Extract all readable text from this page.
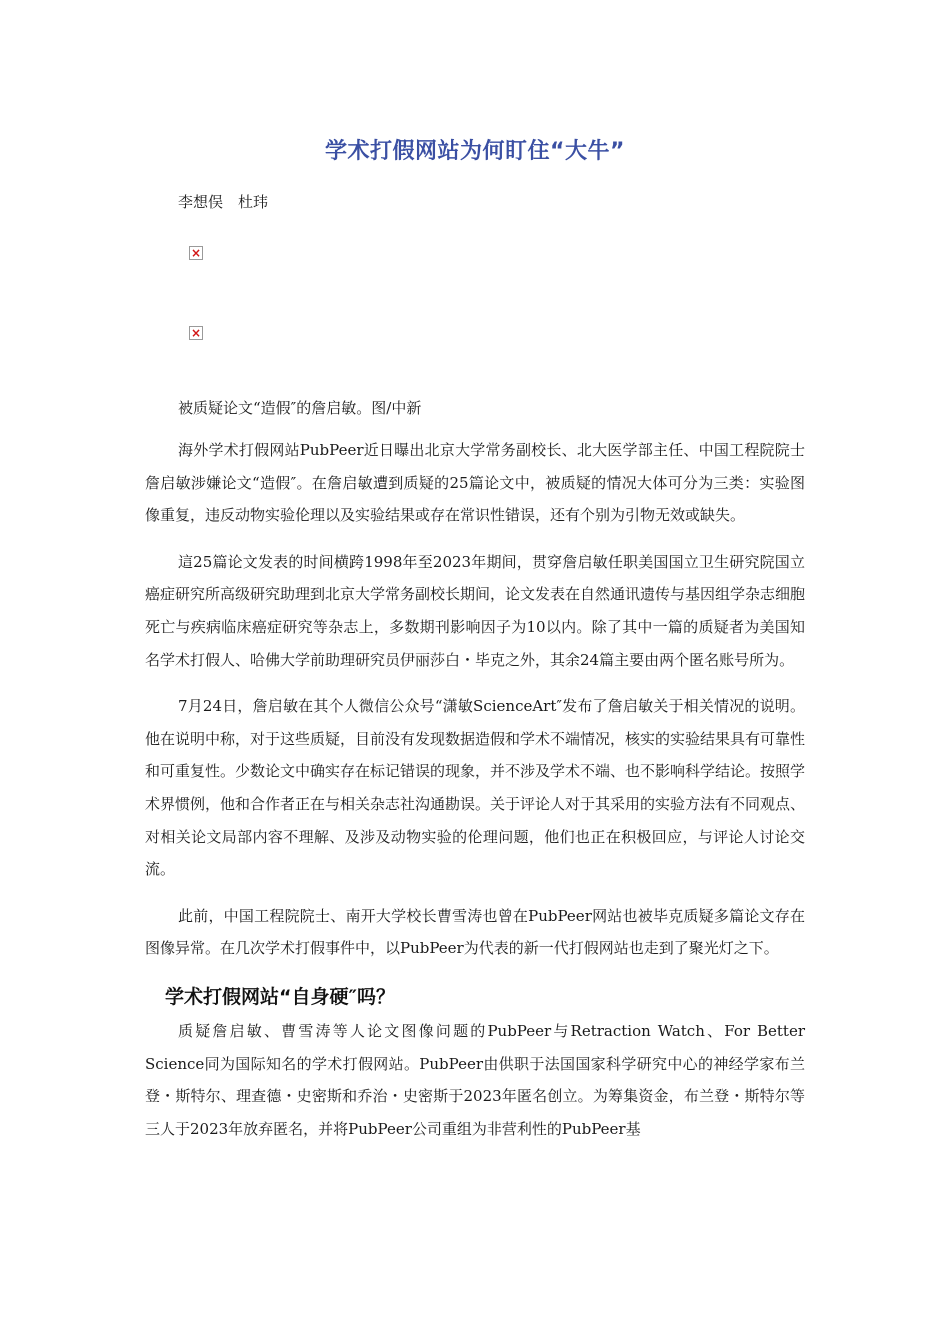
学术打假网站为何盯住“大牛”

李想俣　杜玮

×
×

被质疑论文“造假″的詹启敏。图/中新

海外学术打假网站PubPeer近日曝出北京大学常务副校长、北大医学部主任、中国工程院院士詹启敏涉嫌论文“造假″。在詹启敏遭到质疑的25篇论文中，被质疑的情况大体可分为三类：实验图像重复，违反动物实验伦理以及实验结果或存在常识性错误，还有个别为引物无效或缺失。

這25篇论文发表的时间横跨1998年至2023年期间，贯穿詹启敏任职美国国立卫生研究院国立癌症研究所高级研究助理到北京大学常务副校长期间，论文发表在自然通讯遗传与基因组学杂志细胞死亡与疾病临床癌症研究等杂志上，多数期刊影响因子为10以内。除了其中一篇的质疑者为美国知名学术打假人、哈佛大学前助理研究员伊丽莎白・毕克之外，其余24篇主要由两个匿名账号所为。

7月24日，詹启敏在其个人微信公众号“潇敏ScienceArt″发布了詹启敏关于相关情况的说明。他在说明中称，对于这些质疑，目前没有发现数据造假和学术不端情况，核实的实验结果具有可靠性和可重复性。少数论文中确实存在标记错误的现象，并不涉及学术不端、也不影响科学结论。按照学术界惯例，他和合作者正在与相关杂志社沟通勘误。关于评论人对于其采用的实验方法有不同观点、对相关论文局部内容不理解、及涉及动物实验的伦理问题，他们也正在积极回应，与评论人讨论交流。

此前，中国工程院院士、南开大学校长曹雪涛也曾在PubPeer网站也被毕克质疑多篇论文存在图像异常。在几次学术打假事件中，以PubPeer为代表的新一代打假网站也走到了聚光灯之下。

学术打假网站“自身硬″吗？

质疑詹启敏、曹雪涛等人论文图像问题的PubPeer与Retraction Watch、For Better Science同为国际知名的学术打假网站。PubPeer由供职于法国国家科学研究中心的神经学家布兰登・斯特尔、理查德・史密斯和乔治・史密斯于2023年匿名创立。为筹集资金，布兰登・斯特尔等三人于2023年放弃匿名，并将PubPeer公司重组为非营利性的PubPeer基
